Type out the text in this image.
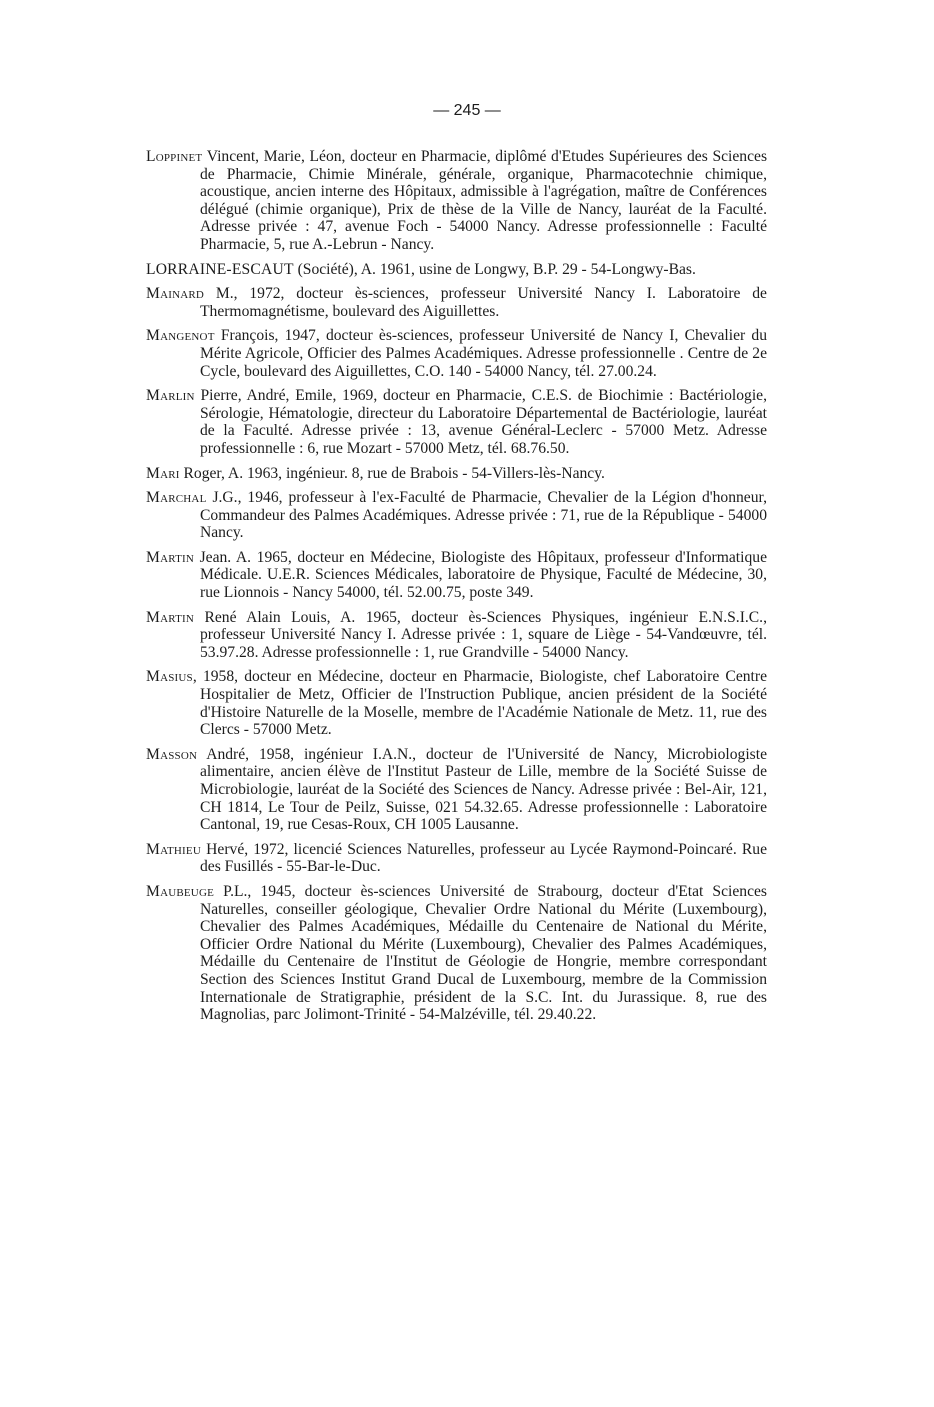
— 245 —

Loppinet Vincent, Marie, Léon, docteur en Pharmacie, diplômé d'Etudes Supérieures des Sciences de Pharmacie, Chimie Minérale, générale, organique, Pharmacotechnie chimique, acoustique, ancien interne des Hôpitaux, admissible à l'agrégation, maître de Conférences délégué (chimie organique), Prix de thèse de la Ville de Nancy, lauréat de la Faculté. Adresse privée : 47, avenue Foch - 54000 Nancy. Adresse professionnelle : Faculté Pharmacie, 5, rue A.-Lebrun - Nancy.

LORRAINE-ESCAUT (Société), A. 1961, usine de Longwy, B.P. 29 - 54-Longwy-Bas.

Mainard M., 1972, docteur ès-sciences, professeur Université Nancy I. Laboratoire de Thermomagnétisme, boulevard des Aiguillettes.

Mangenot François, 1947, docteur ès-sciences, professeur Université de Nancy I, Chevalier du Mérite Agricole, Officier des Palmes Académiques. Adresse professionnelle . Centre de 2e Cycle, boulevard des Aiguillettes, C.O. 140 - 54000 Nancy, tél. 27.00.24.

Marlin Pierre, André, Emile, 1969, docteur en Pharmacie, C.E.S. de Biochimie : Bactériologie, Sérologie, Hématologie, directeur du Laboratoire Départemental de Bactériologie, lauréat de la Faculté. Adresse privée : 13, avenue Général-Leclerc - 57000 Metz. Adresse professionnelle : 6, rue Mozart - 57000 Metz, tél. 68.76.50.

Mari Roger, A. 1963, ingénieur. 8, rue de Brabois - 54-Villers-lès-Nancy.

Marchal J.G., 1946, professeur à l'ex-Faculté de Pharmacie, Chevalier de la Légion d'honneur, Commandeur des Palmes Académiques. Adresse privée : 71, rue de la République - 54000 Nancy.

Martin Jean. A. 1965, docteur en Médecine, Biologiste des Hôpitaux, professeur d'Informatique Médicale. U.E.R. Sciences Médicales, laboratoire de Physique, Faculté de Médecine, 30, rue Lionnois - Nancy 54000, tél. 52.00.75, poste 349.

Martin René Alain Louis, A. 1965, docteur ès-Sciences Physiques, ingénieur E.N.S.I.C., professeur Université Nancy I. Adresse privée : 1, square de Liège - 54-Vandœuvre, tél. 53.97.28. Adresse professionnelle : 1, rue Grandville - 54000 Nancy.

Masius, 1958, docteur en Médecine, docteur en Pharmacie, Biologiste, chef Laboratoire Centre Hospitalier de Metz, Officier de l'Instruction Publique, ancien président de la Société d'Histoire Naturelle de la Moselle, membre de l'Académie Nationale de Metz. 11, rue des Clercs - 57000 Metz.

Masson André, 1958, ingénieur I.A.N., docteur de l'Université de Nancy, Microbiologiste alimentaire, ancien élève de l'Institut Pasteur de Lille, membre de la Société Suisse de Microbiologie, lauréat de la Société des Sciences de Nancy. Adresse privée : Bel-Air, 121, CH 1814, Le Tour de Peilz, Suisse, 021 54.32.65. Adresse professionnelle : Laboratoire Cantonal, 19, rue Cesas-Roux, CH 1005 Lausanne.

Mathieu Hervé, 1972, licencié Sciences Naturelles, professeur au Lycée Raymond-Poincaré. Rue des Fusillés - 55-Bar-le-Duc.

Maubeuge P.L., 1945, docteur ès-sciences Université de Strabourg, docteur d'Etat Sciences Naturelles, conseiller géologique, Chevalier Ordre National du Mérite (Luxembourg), Chevalier des Palmes Académiques, Médaille du Centenaire de National du Mérite, Officier Ordre National du Mérite (Luxembourg), Chevalier des Palmes Académiques, Médaille du Centenaire de l'Institut de Géologie de Hongrie, membre correspondant Section des Sciences Institut Grand Ducal de Luxembourg, membre de la Commission Internationale de Stratigraphie, président de la S.C. Int. du Jurassique. 8, rue des Magnolias, parc Jolimont-Trinité - 54-Malzéville, tél. 29.40.22.
